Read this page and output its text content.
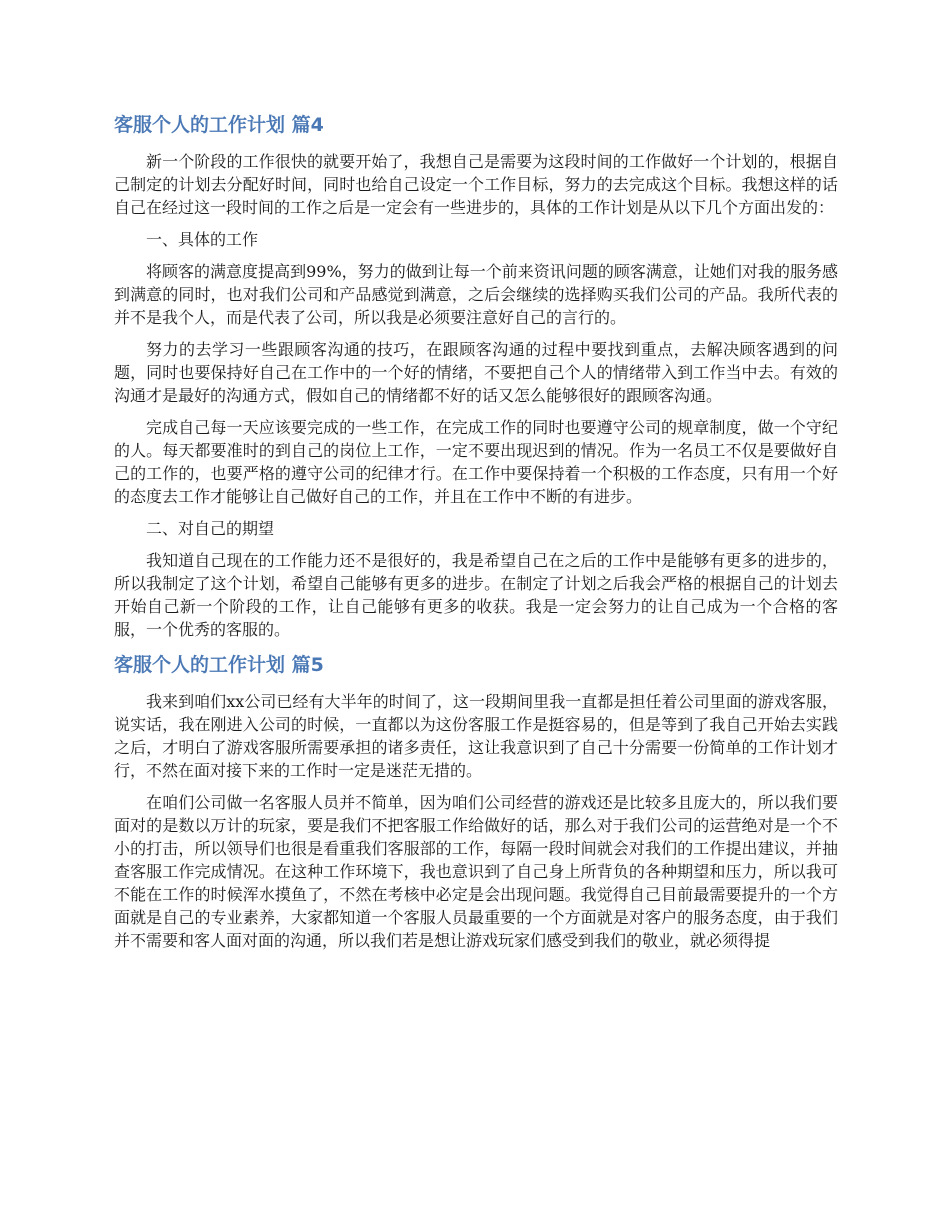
客服个人的工作计划 篇4

新一个阶段的工作很快的就要开始了，我想自己是需要为这段时间的工作做好一个计划的，根据自己制定的计划去分配好时间，同时也给自己设定一个工作目标，努力的去完成这个目标。我想这样的话自己在经过这一段时间的工作之后是一定会有一些进步的，具体的工作计划是从以下几个方面出发的：

一、具体的工作

将顾客的满意度提高到99%，努力的做到让每一个前来资讯问题的顾客满意，让她们对我的服务感到满意的同时，也对我们公司和产品感觉到满意，之后会继续的选择购买我们公司的产品。我所代表的并不是我个人，而是代表了公司，所以我是必须要注意好自己的言行的。

努力的去学习一些跟顾客沟通的技巧，在跟顾客沟通的过程中要找到重点，去解决顾客遇到的问题，同时也要保持好自己在工作中的一个好的情绪，不要把自己个人的情绪带入到工作当中去。有效的沟通才是最好的沟通方式，假如自己的情绪都不好的话又怎么能够很好的跟顾客沟通。

完成自己每一天应该要完成的一些工作，在完成工作的同时也要遵守公司的规章制度，做一个守纪的人。每天都要准时的到自己的岗位上工作，一定不要出现迟到的情况。作为一名员工不仅是要做好自己的工作的，也要严格的遵守公司的纪律才行。在工作中要保持着一个积极的工作态度，只有用一个好的态度去工作才能够让自己做好自己的工作，并且在工作中不断的有进步。

二、对自己的期望

我知道自己现在的工作能力还不是很好的，我是希望自己在之后的工作中是能够有更多的进步的，所以我制定了这个计划，希望自己能够有更多的进步。在制定了计划之后我会严格的根据自己的计划去开始自己新一个阶段的工作，让自己能够有更多的收获。我是一定会努力的让自己成为一个合格的客服，一个优秀的客服的。

客服个人的工作计划 篇5

我来到咱们xx公司已经有大半年的时间了，这一段期间里我一直都是担任着公司里面的游戏客服，说实话，我在刚进入公司的时候，一直都以为这份客服工作是挺容易的，但是等到了我自己开始去实践之后，才明白了游戏客服所需要承担的诸多责任，这让我意识到了自己十分需要一份简单的工作计划才行，不然在面对接下来的工作时一定是迷茫无措的。

在咱们公司做一名客服人员并不简单，因为咱们公司经营的游戏还是比较多且庞大的，所以我们要面对的是数以万计的玩家，要是我们不把客服工作给做好的话，那么对于我们公司的运营绝对是一个不小的打击，所以领导们也很是看重我们客服部的工作，每隔一段时间就会对我们的工作提出建议，并抽查客服工作完成情况。在这种工作环境下，我也意识到了自己身上所背负的各种期望和压力，所以我可不能在工作的时候浑水摸鱼了，不然在考核中必定是会出现问题。我觉得自己目前最需要提升的一个方面就是自己的专业素养，大家都知道一个客服人员最重要的一个方面就是对客户的服务态度，由于我们并不需要和客人面对面的沟通，所以我们若是想让游戏玩家们感受到我们的敬业，就必须得提
